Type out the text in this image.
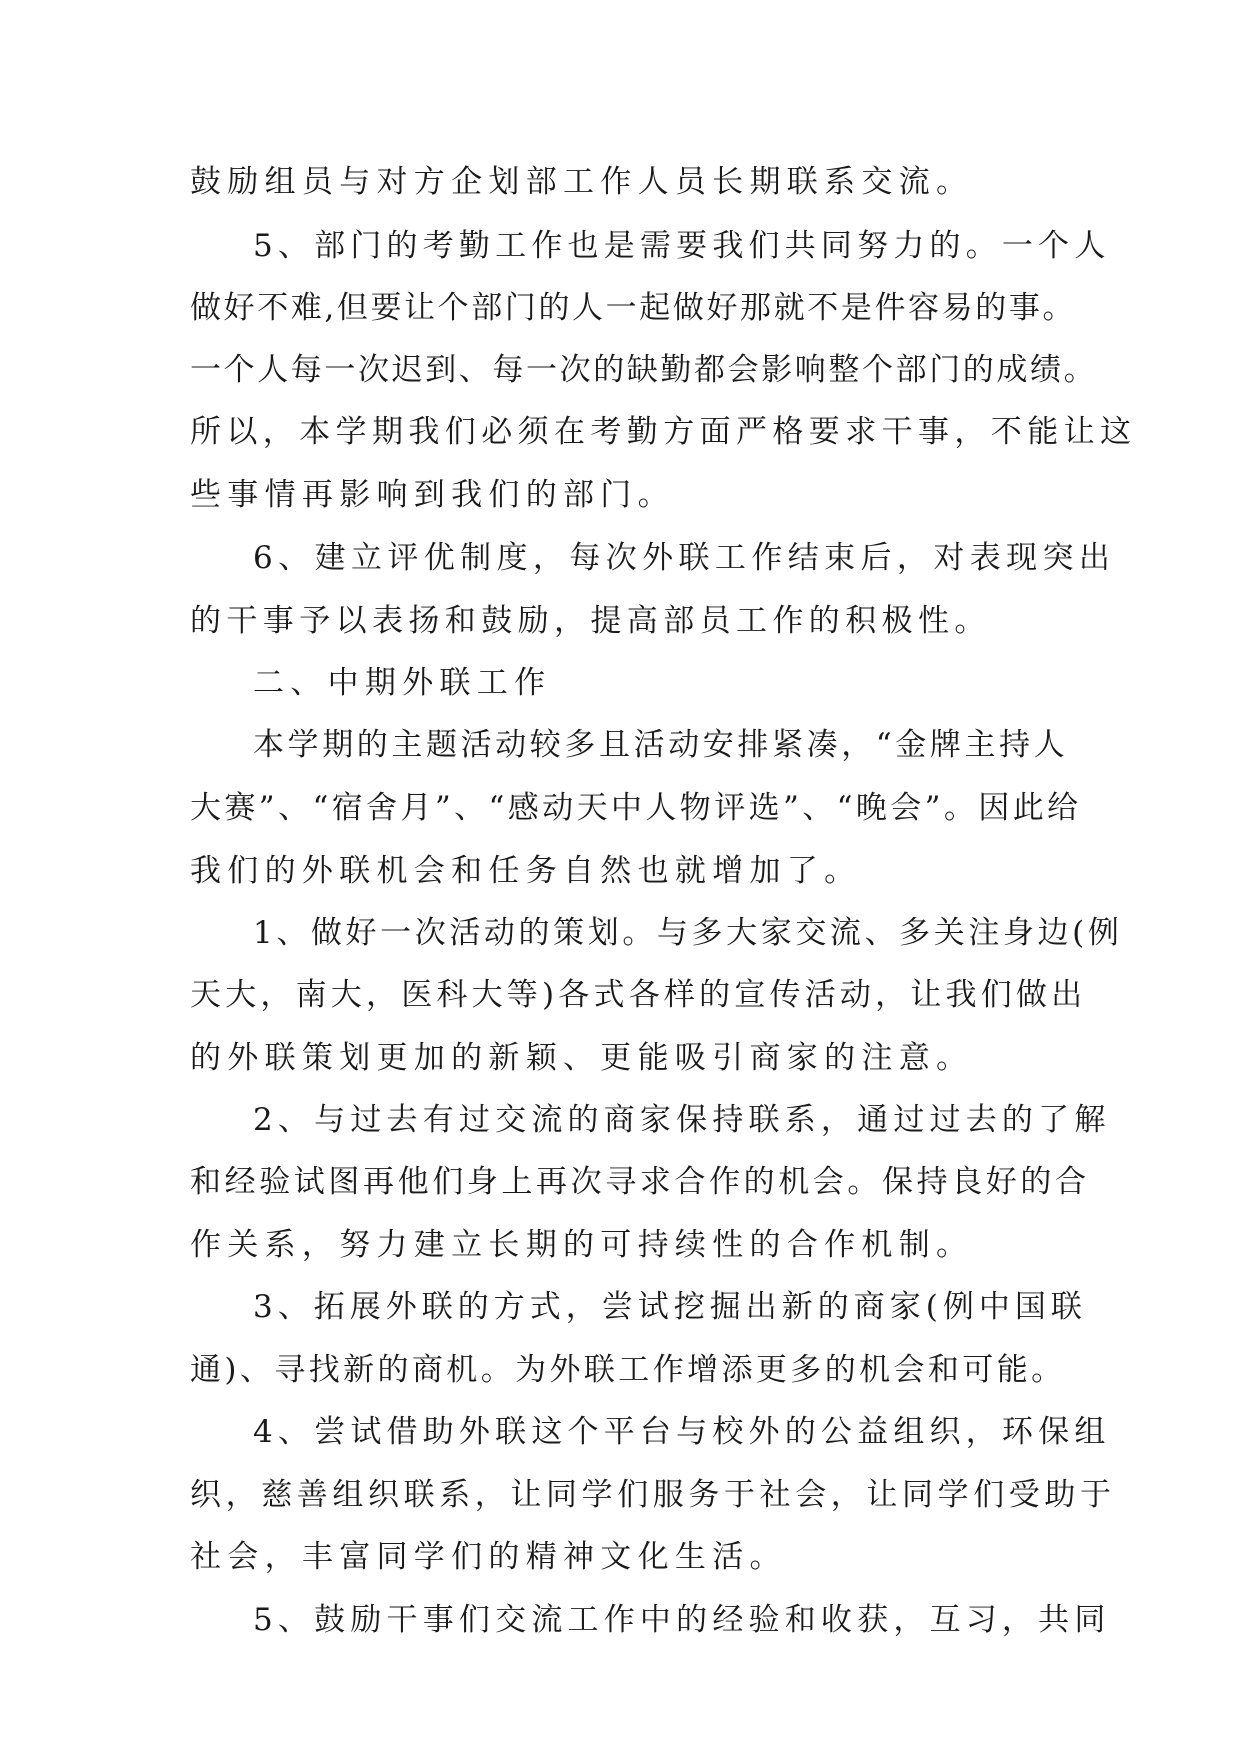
鼓励组员与对方企划部工作人员长期联系交流。
5、部门的考勤工作也是需要我们共同努力的。一个人
做好不难,但要让个部门的人一起做好那就不是件容易的事。
一个人每一次迟到、每一次的缺勤都会影响整个部门的成绩。
所以，本学期我们必须在考勤方面严格要求干事，不能让这
些事情再影响到我们的部门。
6、建立评优制度，每次外联工作结束后，对表现突出
的干事予以表扬和鼓励，提高部员工作的积极性。
二、中期外联工作
本学期的主题活动较多且活动安排紧凑，“金牌主持人
大赛”、“宿舍月”、“感动天中人物评选”、“晚会”。因此给
我们的外联机会和任务自然也就增加了。
1、做好一次活动的策划。与多大家交流、多关注身边(例
天大，南大，医科大等)各式各样的宣传活动，让我们做出
的外联策划更加的新颖、更能吸引商家的注意。
2、与过去有过交流的商家保持联系，通过过去的了解
和经验试图再他们身上再次寻求合作的机会。保持良好的合
作关系，努力建立长期的可持续性的合作机制。
3、拓展外联的方式，尝试挖掘出新的商家(例中国联
通)、寻找新的商机。为外联工作增添更多的机会和可能。
4、尝试借助外联这个平台与校外的公益组织，环保组
织，慈善组织联系，让同学们服务于社会，让同学们受助于
社会，丰富同学们的精神文化生活。
5、鼓励干事们交流工作中的经验和收获，互习，共同
